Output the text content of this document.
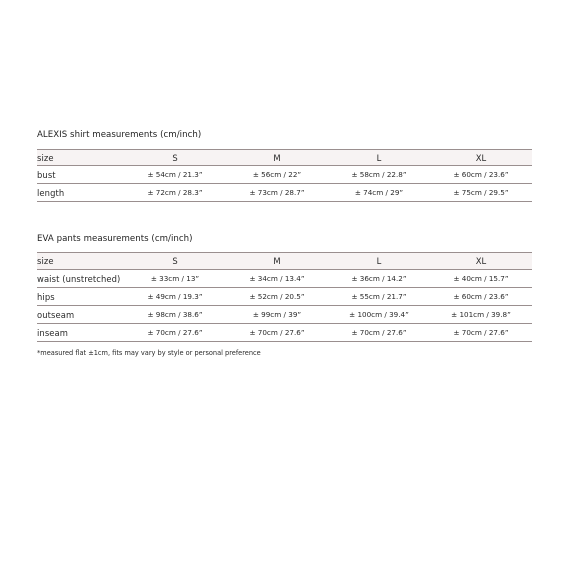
ALEXIS shirt measurements (cm/inch)
size	S	M	L	XL
bust	± 54cm / 21.3”	± 56cm / 22”	± 58cm / 22.8”	± 60cm / 23.6”
length	± 72cm / 28.3”	± 73cm / 28.7”	± 74cm / 29”	± 75cm / 29.5”
EVA pants measurements (cm/inch)
size	S	M	L	XL
waist (unstretched)	± 33cm / 13”	± 34cm / 13.4”	± 36cm / 14.2”	± 40cm / 15.7”
hips	± 49cm / 19.3”	± 52cm / 20.5”	± 55cm / 21.7”	± 60cm / 23.6”
outseam	± 98cm / 38.6”	± 99cm / 39”	± 100cm / 39.4”	± 101cm / 39.8”
inseam	± 70cm / 27.6”	± 70cm / 27.6”	± 70cm / 27.6”	± 70cm / 27.6”
*measured flat ±1cm, fits may vary by style or personal preference
